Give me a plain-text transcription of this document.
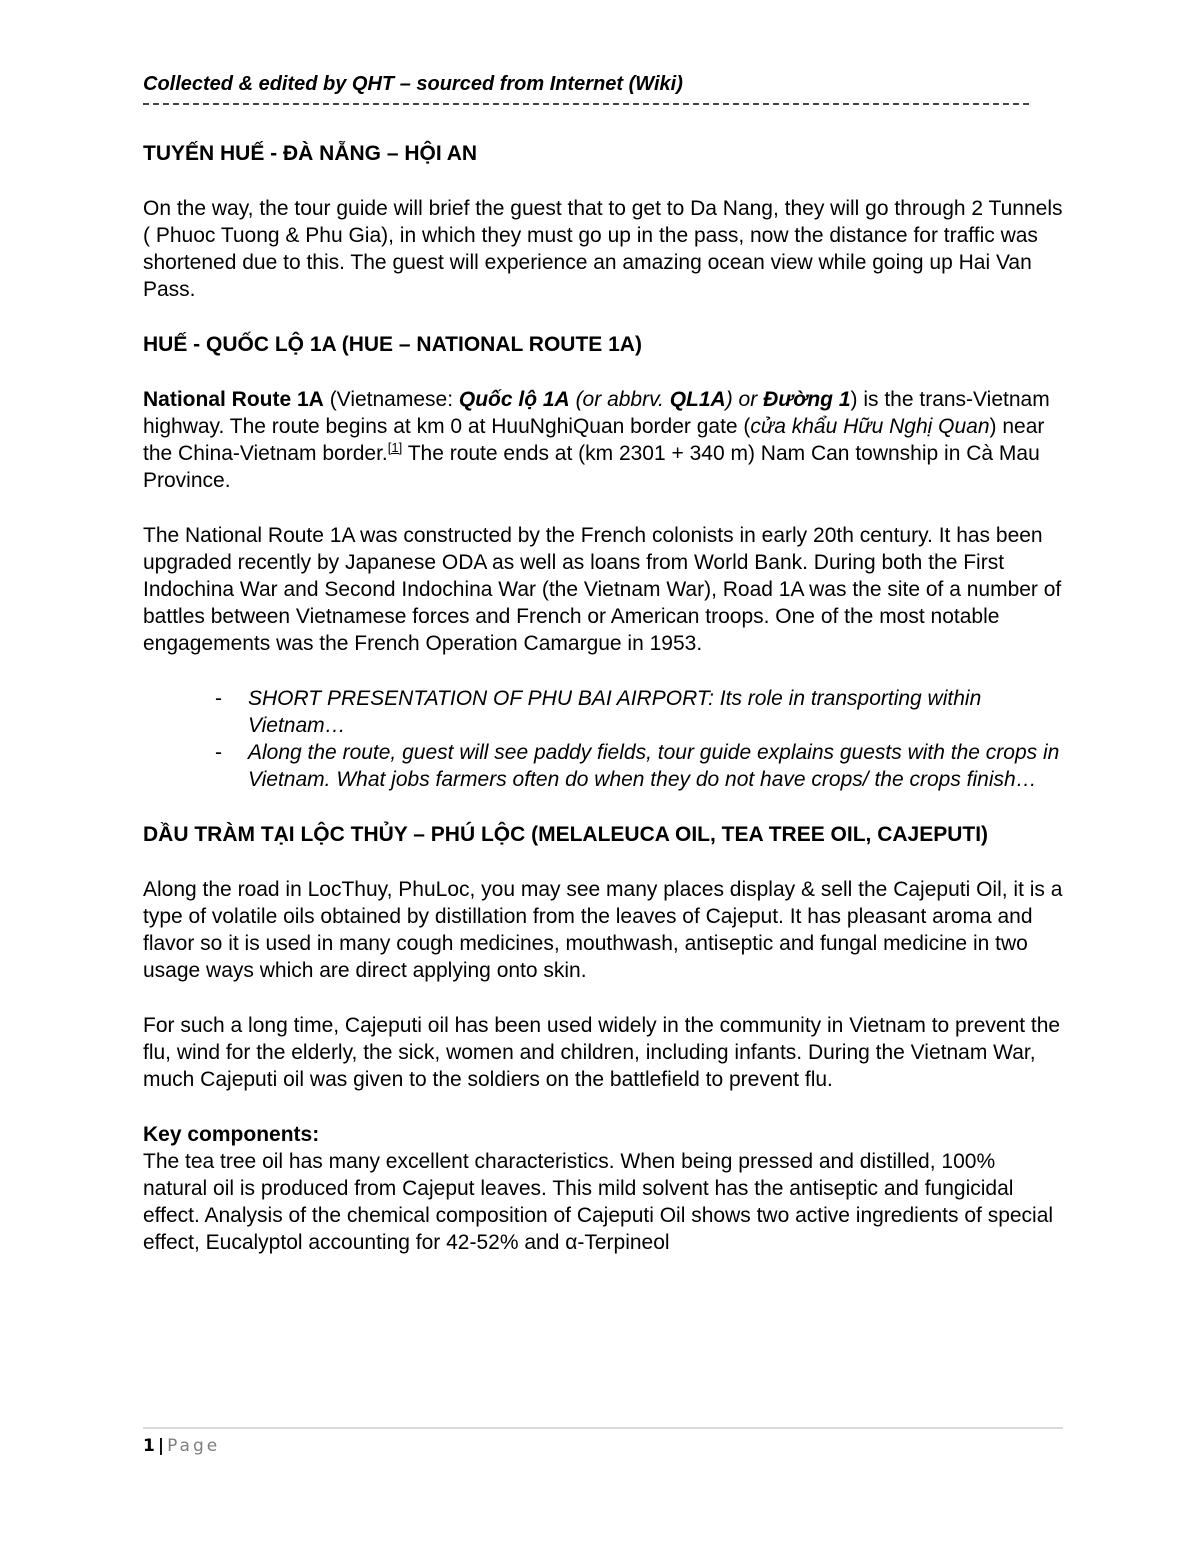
Collected & edited by QHT – sourced from Internet (Wiki)

TUYẾN HUẾ - ĐÀ NẴNG – HỘI AN

On the way, the tour guide will brief the guest that to get to Da Nang, they will go through 2 Tunnels ( Phuoc Tuong & Phu Gia), in which they must go up in the pass, now the distance for traffic was shortened due to this. The guest will experience an amazing ocean view while going up Hai Van Pass.

HUẾ - QUỐC LỘ 1A (HUE – NATIONAL ROUTE 1A)

National Route 1A (Vietnamese: Quốc lộ 1A (or abbrv. QL1A) or Đường 1) is the trans-Vietnam highway. The route begins at km 0 at HuuNghiQuan border gate (cửa khẩu Hữu Nghị Quan) near the China-Vietnam border.[1] The route ends at (km 2301 + 340 m) Nam Can township in Cà Mau Province.

The National Route 1A was constructed by the French colonists in early 20th century. It has been upgraded recently by Japanese ODA as well as loans from World Bank. During both the First Indochina War and Second Indochina War (the Vietnam War), Road 1A was the site of a number of battles between Vietnamese forces and French or American troops. One of the most notable engagements was the French Operation Camargue in 1953.

- SHORT PRESENTATION OF PHU BAI AIRPORT: Its role in transporting within Vietnam…
- Along the route, guest will see paddy fields, tour guide explains guests with the crops in Vietnam. What jobs farmers often do when they do not have crops/ the crops finish…

DẦU TRÀM TẠI LỘC THỦY – PHÚ LỘC (MELALEUCA OIL, TEA TREE OIL, CAJEPUTI)

Along the road in LocThuy, PhuLoc, you may see many places display & sell the Cajeputi Oil, it is a type of volatile oils obtained by distillation from the leaves of Cajeput. It has pleasant aroma and flavor so it is used in many cough medicines, mouthwash, antiseptic and fungal medicine in two usage ways which are direct applying onto skin.

For such a long time, Cajeputi oil has been used widely in the community in Vietnam to prevent the flu, wind for the elderly, the sick, women and children, including infants. During the Vietnam War, much Cajeputi oil was given to the soldiers on the battlefield to prevent flu.

Key components:

The tea tree oil has many excellent characteristics. When being pressed and distilled, 100% natural oil is produced from Cajeput leaves. This mild solvent has the antiseptic and fungicidal effect. Analysis of the chemical composition of Cajeputi Oil shows two active ingredients of special effect, Eucalyptol accounting for 42-52% and α-Terpineol

1 | Page
